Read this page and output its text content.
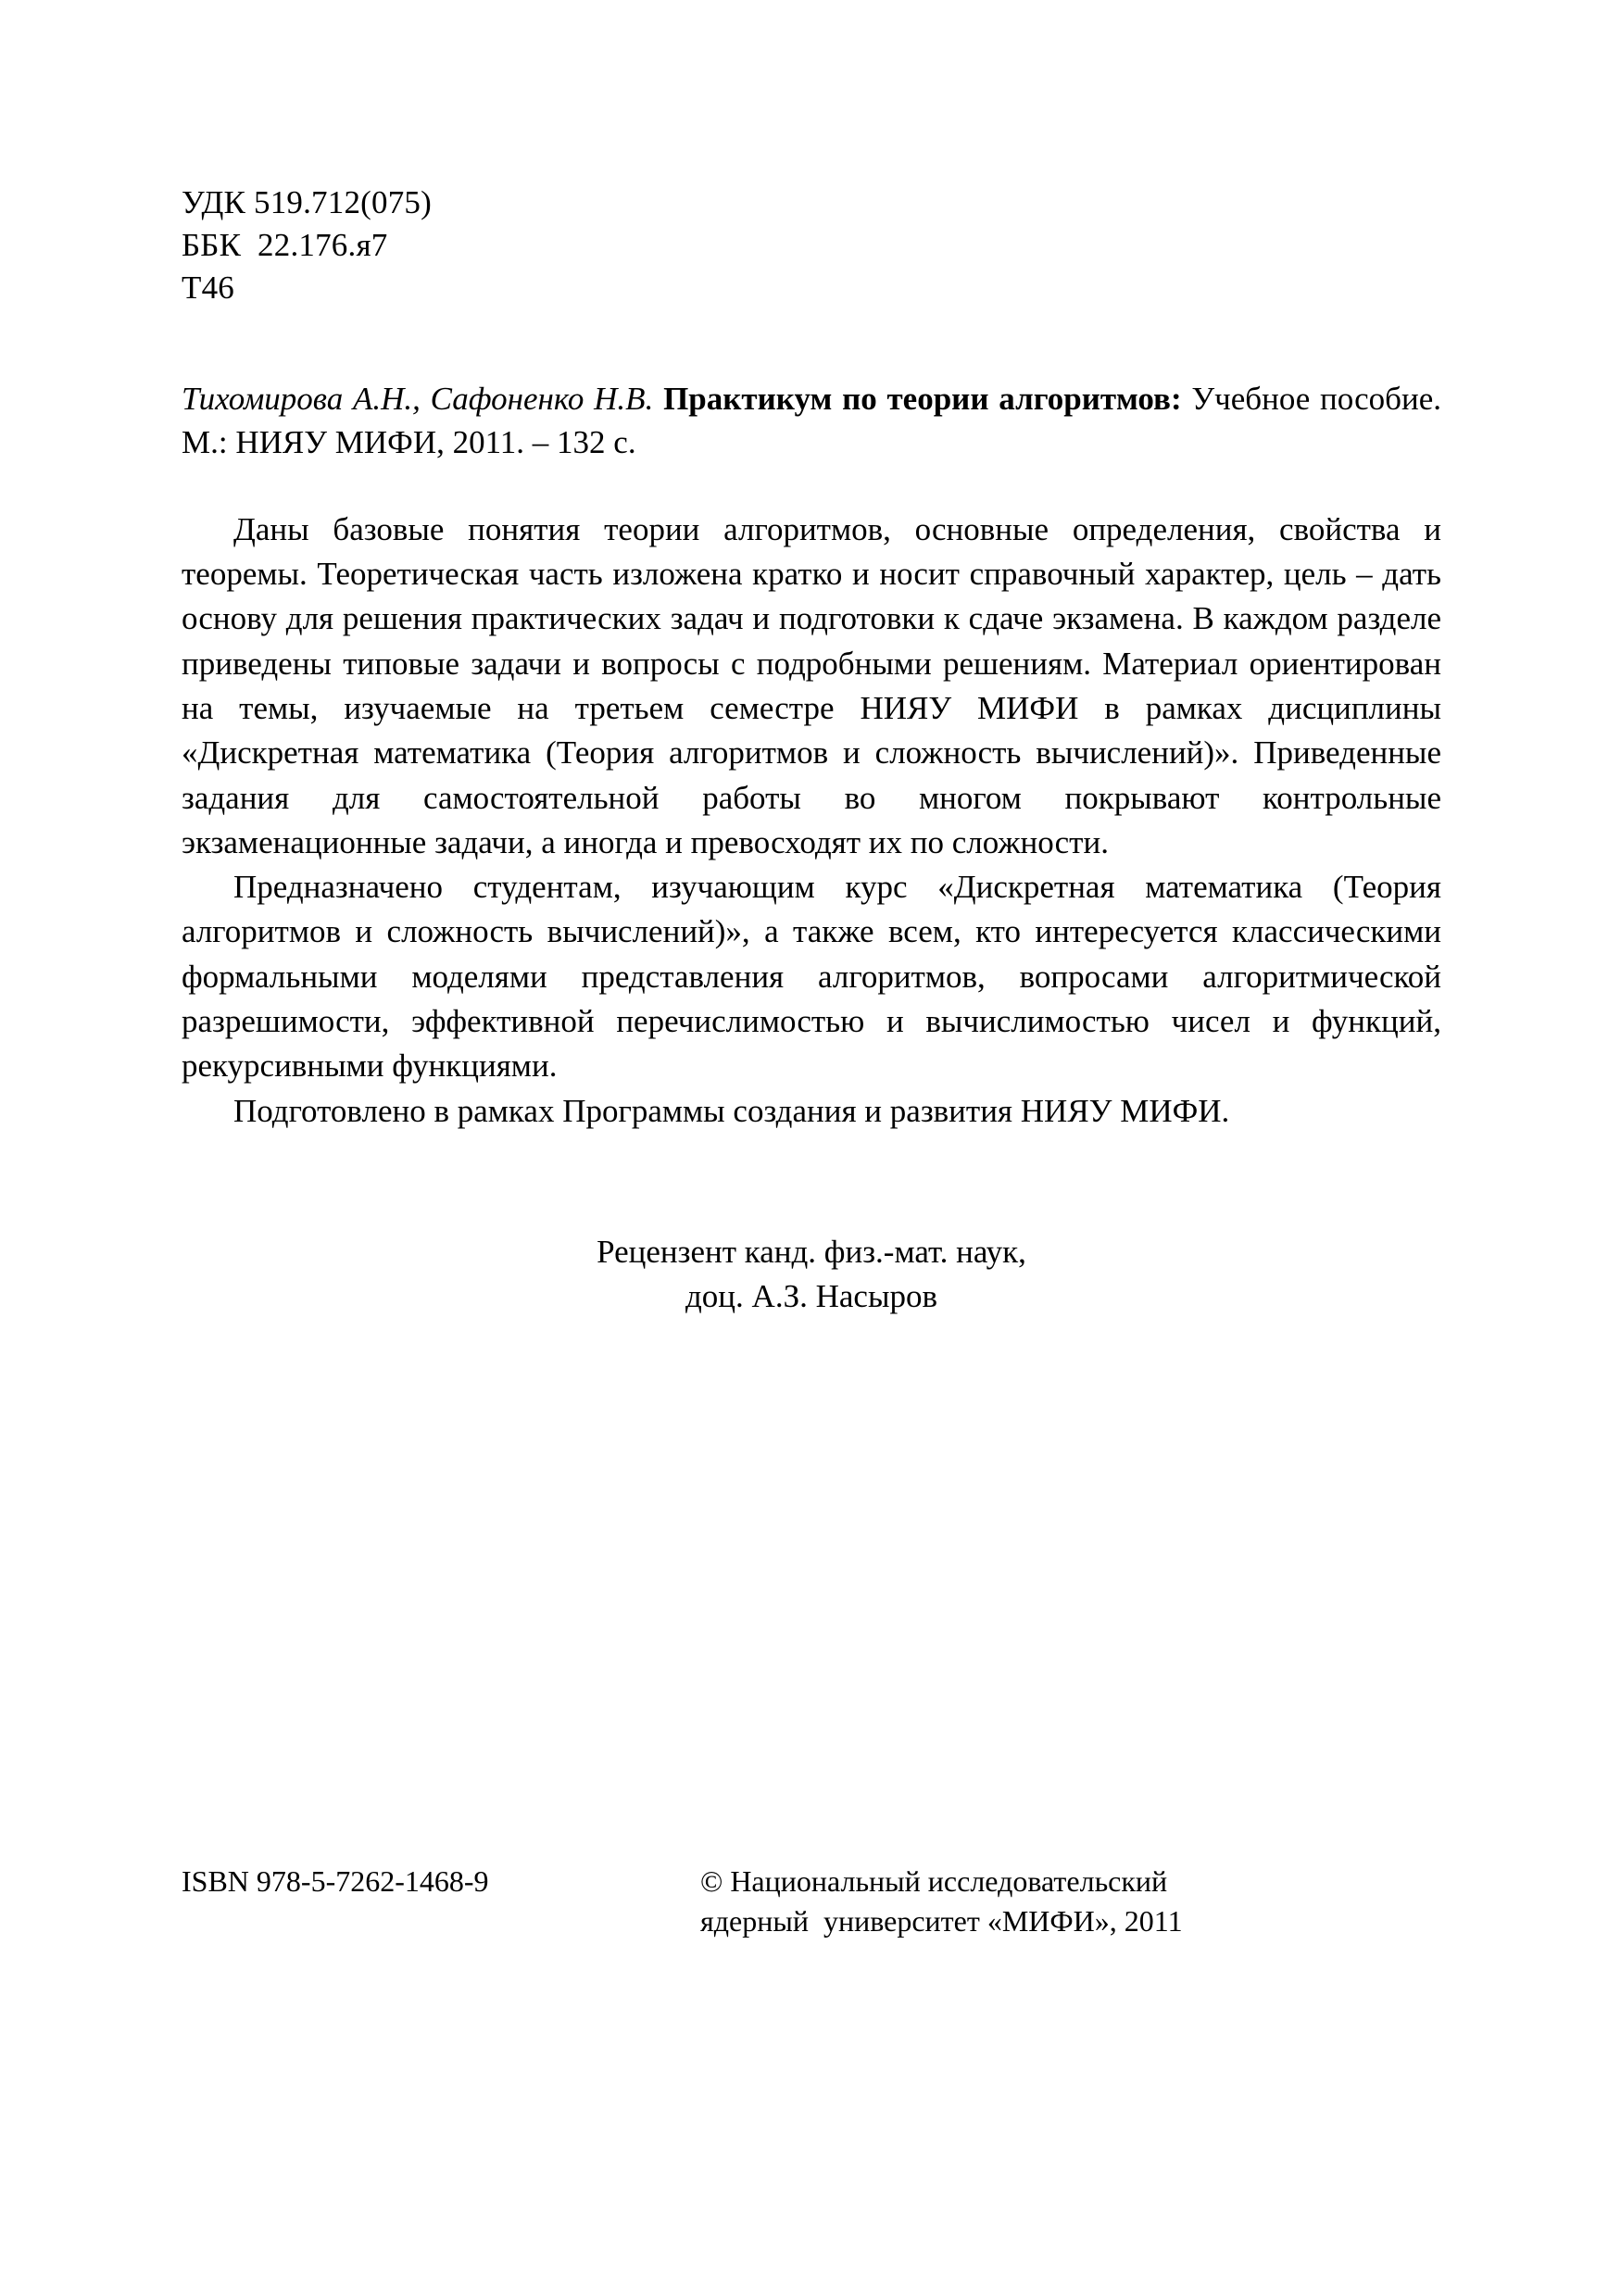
УДК 519.712(075)
ББК  22.176.я7
Т46
Тихомирова А.Н., Сафоненко Н.В. Практикум по теории алгоритмов: Учебное пособие. М.: НИЯУ МИФИ, 2011. – 132 с.

Даны базовые понятия теории алгоритмов, основные определения, свойства и теоремы. Теоретическая часть изложена кратко и носит справочный характер, цель – дать основу для решения практических задач и подготовки к сдаче экзамена. В каждом разделе приведены типовые задачи и вопросы с подробными решениям. Материал ориентирован на темы, изучаемые на третьем семестре НИЯУ МИФИ в рамках дисциплины «Дискретная математика (Теория алгоритмов и сложность вычислений)». Приведенные задания для самостоятельной работы во многом покрывают контрольные экзаменационные задачи, а иногда и превосходят их по сложности.

Предназначено студентам, изучающим курс «Дискретная математика (Теория алгоритмов и сложность вычислений)», а также всем, кто интересуется классическими формальными моделями представления алгоритмов, вопросами алгоритмической разрешимости, эффективной перечислимостью и вычислимостью чисел и функций, рекурсивными функциями.

Подготовлено в рамках Программы создания и развития НИЯУ МИФИ.

Рецензент канд. физ.-мат. наук,
доц. А.З. Насыров
ISBN 978-5-7262-1468-9	© Национальный исследовательский
ядерный  университет «МИФИ», 2011
